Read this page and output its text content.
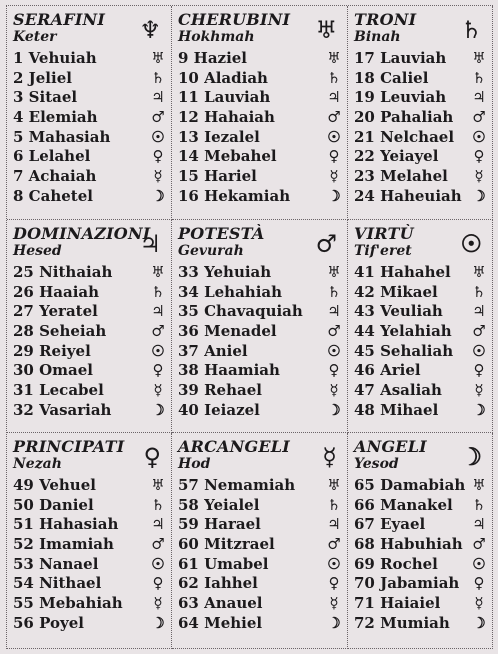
SERAFINI
Keter	♆
1 Vehuiah	♅
2 Jeliel	♄
3 Sitael	♃
4 Elemiah	♂
5 Mahasiah	☉
6 Lelahel	♀
7 Achaiah	☿
8 Cahetel	☽
CHERUBINI
Hokhmah	♅
9 Haziel	♅
10 Aladiah	♄
11 Lauviah	♃
12 Hahaiah	♂
13 Iezalel	☉
14 Mebahel	♀
15 Hariel	☿
16 Hekamiah ☽
TRONI
Binah	♄
17 Lauviah ♅
18 Caliel	♄
19 Leuviah ♃
20 Pahaliah ♂
21 Nelchael ☉
22 Yeiayel ♀
23 Melahel ☿
24 Haheuiah ☽
DOMINAZIONI
Hesed	♃
25 Nithaiah	♅
26 Haaiah	♄
27 Yeratel	♃
28 Seheiah	♂
29 Reiyel	☉
30 Omael	♀
31 Lecabel	☿
32 Vasariah	☽
POTESTÀ
Gevurah	♂
33 Yehuiah	♅
34 Lehahiah	♄
35 Chavaquiah ♃
36 Menadel	♂
37 Aniel	☉
38 Haamiah	♀
39 Rehael	☿
40 Ieiazel	☽
VIRTÙ
Tif'eret	☉
41 Hahahel ♅
42 Mikael ♄
43 Veuliah ♃
44 Yelahiah ♂
45 Sehaliah ☉
46 Ariel	♀
47 Asaliah ☿
48 Mihael ☽
PRINCIPATI
Nezah	♀
49 Vehuel	♅
50 Daniel	♄
51 Hahasiah ♃
52 Imamiah ♂
53 Nanael	☉
54 Nithael	♀
55 Mebahiah ☿
56 Poyel	☽
ARCANGELI
Hod	☿
57 Nemamiah ♅
58 Yeialel	♄
59 Harael	♃
60 Mitzrael	♂
61 Umabel	☉
62 Iahhel	♀
63 Anauel	☿
64 Mehiel	☽
ANGELI
Yesod	☽
65 Damabiah ♅
66 Manakel ♄
67 Eyael	♃
68 Habuhiah ♂
69 Rochel ☉
70 Jabamiah ♀
71 Haiaiel ☿
72 Mumiah ☽
